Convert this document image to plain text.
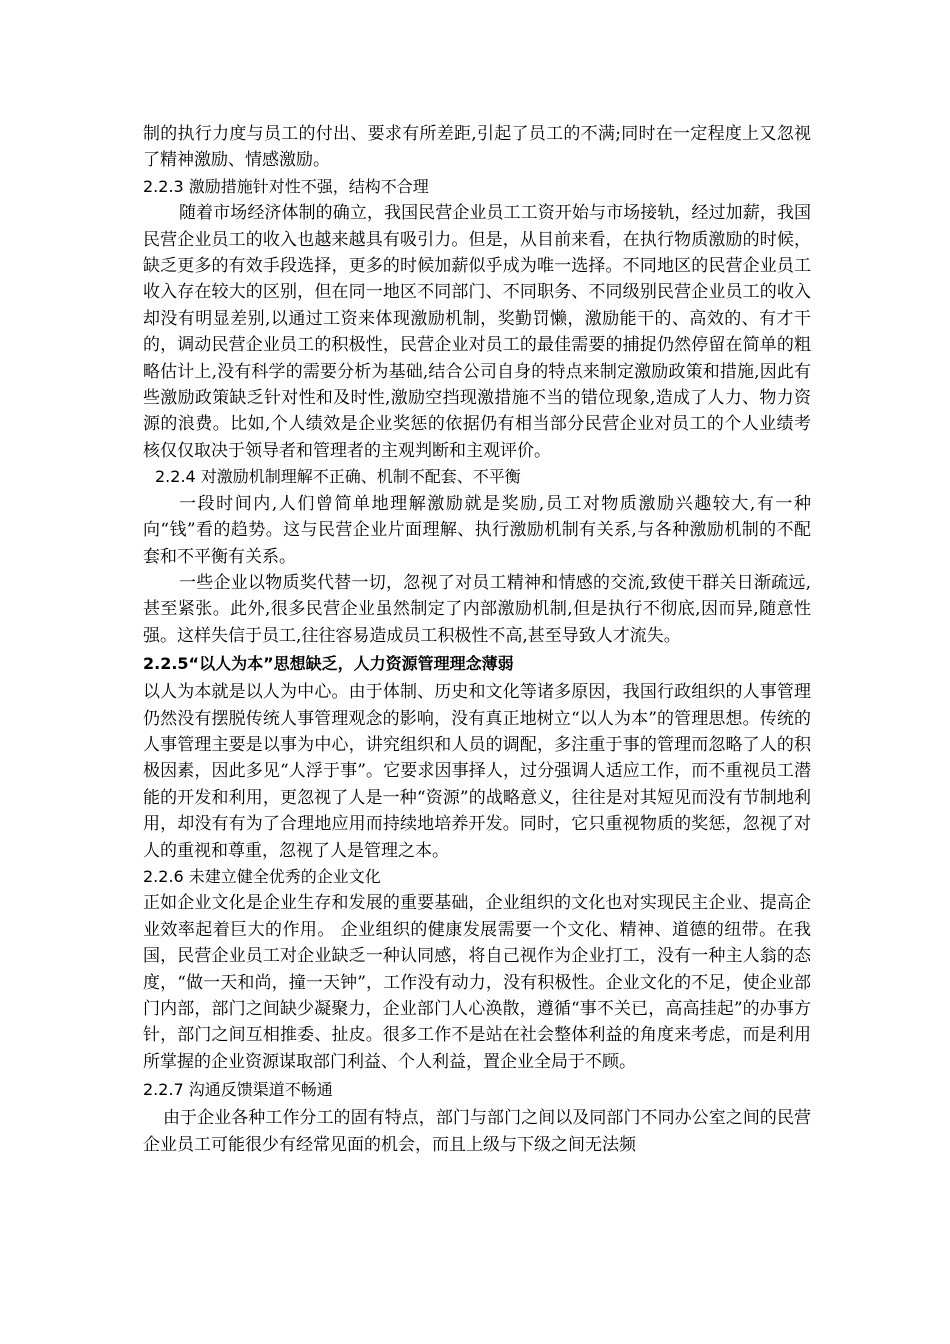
制的执行力度与员工的付出、要求有所差距,引起了员工的不满;同时在一定程度上又忽视了精神激励、情感激励。

2.2.3 激励措施针对性不强，结构不合理

随着市场经济体制的确立，我国民营企业员工工资开始与市场接轨，经过加薪，我国民营企业员工的收入也越来越具有吸引力。但是，从目前来看，在执行物质激励的时候，缺乏更多的有效手段选择，更多的时候加薪似乎成为唯一选择。不同地区的民营企业员工收入存在较大的区别，但在同一地区不同部门、不同职务、不同级别民营企业员工的收入却没有明显差别,以通过工资来体现激励机制，奖勤罚懒，激励能干的、高效的、有才干的，调动民营企业员工的积极性，民营企业对员工的最佳需要的捕捉仍然停留在简单的粗略估计上,没有科学的需要分析为基础,结合公司自身的特点来制定激励政策和措施,因此有些激励政策缺乏针对性和及时性,激励空挡现激措施不当的错位现象,造成了人力、物力资源的浪费。比如,个人绩效是企业奖惩的依据仍有相当部分民营企业对员工的个人业绩考核仅仅取决于领导者和管理者的主观判断和主观评价。

2.2.4 对激励机制理解不正确、机制不配套、不平衡

一段时间内,人们曾简单地理解激励就是奖励,员工对物质激励兴趣较大,有一种向“钱”看的趋势。这与民营企业片面理解、执行激励机制有关系,与各种激励机制的不配套和不平衡有关系。

一些企业以物质奖代替一切，忽视了对员工精神和情感的交流,致使干群关日渐疏远,甚至紧张。此外,很多民营企业虽然制定了内部激励机制,但是执行不彻底,因而异,随意性强。这样失信于员工,往往容易造成员工积极性不高,甚至导致人才流失。

2.2.5“以人为本”思想缺乏，人力资源管理理念薄弱

以人为本就是以人为中心。由于体制、历史和文化等诸多原因，我国行政组织的人事管理仍然没有摆脱传统人事管理观念的影响，没有真正地树立“以人为本”的管理思想。传统的人事管理主要是以事为中心，讲究组织和人员的调配，多注重于事的管理而忽略了人的积极因素，因此多见“人浮于事”。它要求因事择人，过分强调人适应工作，而不重视员工潜能的开发和利用，更忽视了人是一种“资源”的战略意义，往往是对其短见而没有节制地利用，却没有有为了合理地应用而持续地培养开发。同时，它只重视物质的奖惩，忽视了对人的重视和尊重，忽视了人是管理之本。

2.2.6 未建立健全优秀的企业文化

正如企业文化是企业生存和发展的重要基础，企业组织的文化也对实现民主企业、提高企业效率起着巨大的作用。 企业组织的健康发展需要一个文化、精神、道德的纽带。在我国，民营企业员工对企业缺乏一种认同感，将自己视作为企业打工，没有一种主人翁的态度，“做一天和尚，撞一天钟”，工作没有动力，没有积极性。企业文化的不足，使企业部门内部，部门之间缺少凝聚力，企业部门人心涣散，遵循“事不关已，高高挂起”的办事方针，部门之间互相推委、扯皮。很多工作不是站在社会整体利益的角度来考虑，而是利用所掌握的企业资源谋取部门利益、个人利益，置企业全局于不顾。

2.2.7 沟通反馈渠道不畅通

由于企业各种工作分工的固有特点，部门与部门之间以及同部门不同办公室之间的民营企业员工可能很少有经常见面的机会，而且上级与下级之间无法频
